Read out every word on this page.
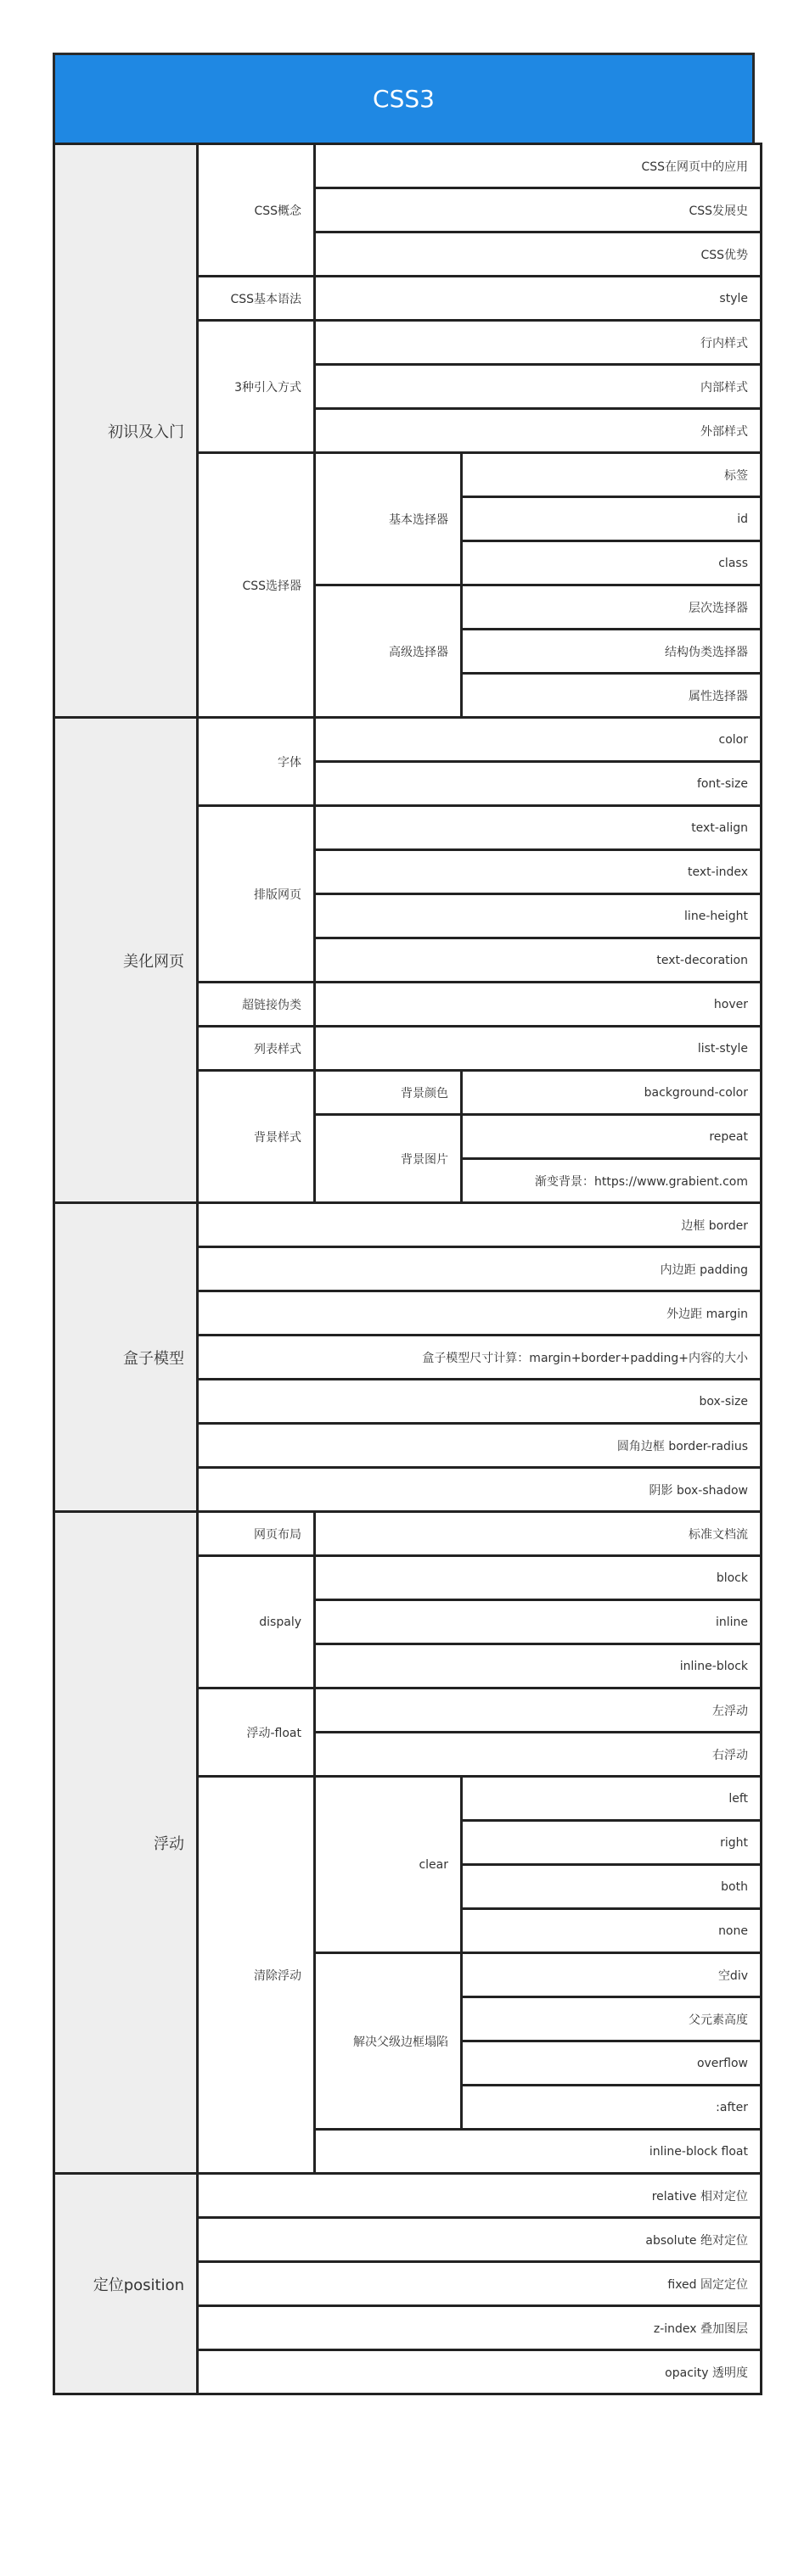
CSS3
初识及入门	CSS概念	CSS在网页中的应用	
		CSS发展史	
		CSS优势	
	CSS基本语法	style	
	3种引入方式	行内样式	
		内部样式	
		外部样式	
	CSS选择器	基本选择器	标签
			id
			class
		高级选择器	层次选择器
			结构伪类选择器
			属性选择器
美化网页	字体	color	
		font-size	
	排版网页	text-align	
		text-index	
		line-height	
		text-decoration	
	超链接伪类	hover	
	列表样式	list-style	
	背景样式	背景颜色	background-color
		背景图片	repeat
			渐变背景：https://www.grabient.com
盒子模型	边框 border		
	内边距 padding		
	外边距 margin		
	盒子模型尺寸计算：margin+border+padding+内容的大小		
	box-size		
	圆角边框 border-radius		
	阴影 box-shadow		
浮动	网页布局	标准文档流	
	dispaly	block	
		inline	
		inline-block	
	浮动-float	左浮动	
		右浮动	
	清除浮动	clear	left
			right
			both
			none
		解决父级边框塌陷	空div
			父元素高度
			overflow
			:after
		inline-block float	
定位position	relative 相对定位		
	absolute 绝对定位		
	fixed 固定定位		
	z-index 叠加图层		
	opacity 透明度		
